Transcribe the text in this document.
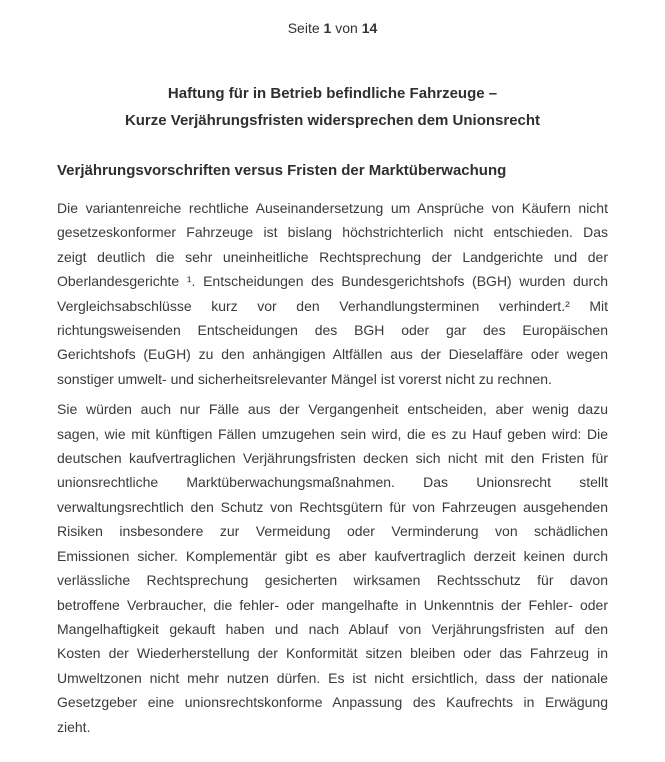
Seite 1 von 14
Haftung für in Betrieb befindliche Fahrzeuge –
Kurze Verjährungsfristen widersprechen dem Unionsrecht
Verjährungsvorschriften versus Fristen der Marktüberwachung
Die variantenreiche rechtliche Auseinandersetzung um Ansprüche von Käufern nicht
gesetzeskonformer Fahrzeuge ist bislang höchstrichterlich nicht entschieden. Das
zeigt deutlich die sehr uneinheitliche Rechtsprechung der Landgerichte und der
Oberlandesgerichte ¹. Entscheidungen des Bundesgerichtshofs (BGH) wurden durch
Vergleichsabschlüsse kurz vor den Verhandlungsterminen verhindert.² Mit
richtungsweisenden Entscheidungen des BGH oder gar des Europäischen
Gerichtshofs (EuGH) zu den anhängigen Altfällen aus der Dieselaffäre oder wegen
sonstiger umwelt- und sicherheitsrelevanter Mängel ist vorerst nicht zu rechnen.
Sie würden auch nur Fälle aus der Vergangenheit entscheiden, aber wenig dazu
sagen, wie mit künftigen Fällen umzugehen sein wird, die es zu Hauf geben wird: Die
deutschen kaufvertraglichen Verjährungsfristen decken sich nicht mit den Fristen für
unionsrechtliche Marktüberwachungsmaßnahmen. Das Unionsrecht stellt
verwaltungsrechtlich den Schutz von Rechtsgütern für von Fahrzeugen ausgehenden
Risiken insbesondere zur Vermeidung oder Verminderung von schädlichen
Emissionen sicher. Komplementär gibt es aber kaufvertraglich derzeit keinen durch
verlässliche Rechtsprechung gesicherten wirksamen Rechtsschutz für davon
betroffene Verbraucher, die fehler- oder mangelhafte in Unkenntnis der Fehler- oder
Mangelhaftigkeit gekauft haben und nach Ablauf von Verjährungsfristen auf den
Kosten der Wiederherstellung der Konformität sitzen bleiben oder das Fahrzeug in
Umweltzonen nicht mehr nutzen dürfen. Es ist nicht ersichtlich, dass der nationale
Gesetzgeber eine unionsrechtskonforme Anpassung des Kaufrechts in Erwägung
zieht.
